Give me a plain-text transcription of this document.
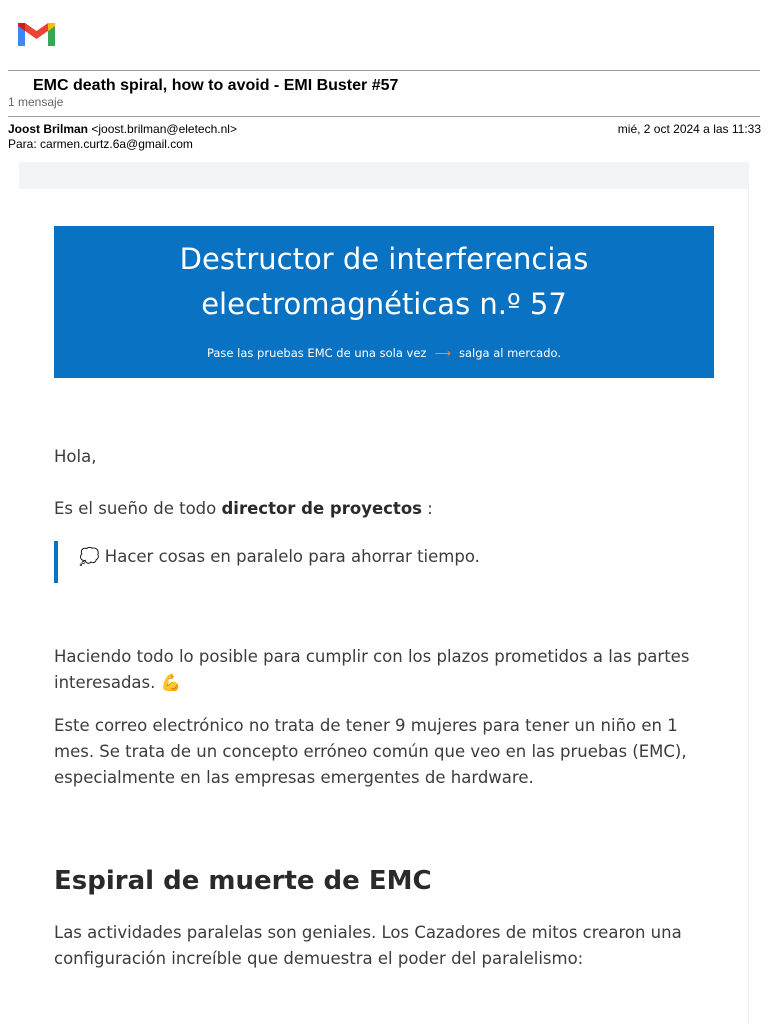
EMC death spiral, how to avoid - EMI Buster #57
1 mensaje
Joost Brilman <joost.brilman@eletech.nl>
Para: carmen.curtz.6a@gmail.com
mié, 2 oct 2024 a las 11:33
Destructor de interferencias
electromagnéticas n.º 57
Pase las pruebas EMC de una sola vez ⟶ salga al mercado.
Hola,
Es el sueño de todo director de proyectos :
💭 Hacer cosas en paralelo para ahorrar tiempo.
Haciendo todo lo posible para cumplir con los plazos prometidos a las partes interesadas. 💪
Este correo electrónico no trata de tener 9 mujeres para tener un niño en 1 mes. Se trata de un concepto erróneo común que veo en las pruebas (EMC), especialmente en las empresas emergentes de hardware.
Espiral de muerte de EMC
Las actividades paralelas son geniales. Los Cazadores de mitos crearon una configuración increíble que demuestra el poder del paralelismo:
